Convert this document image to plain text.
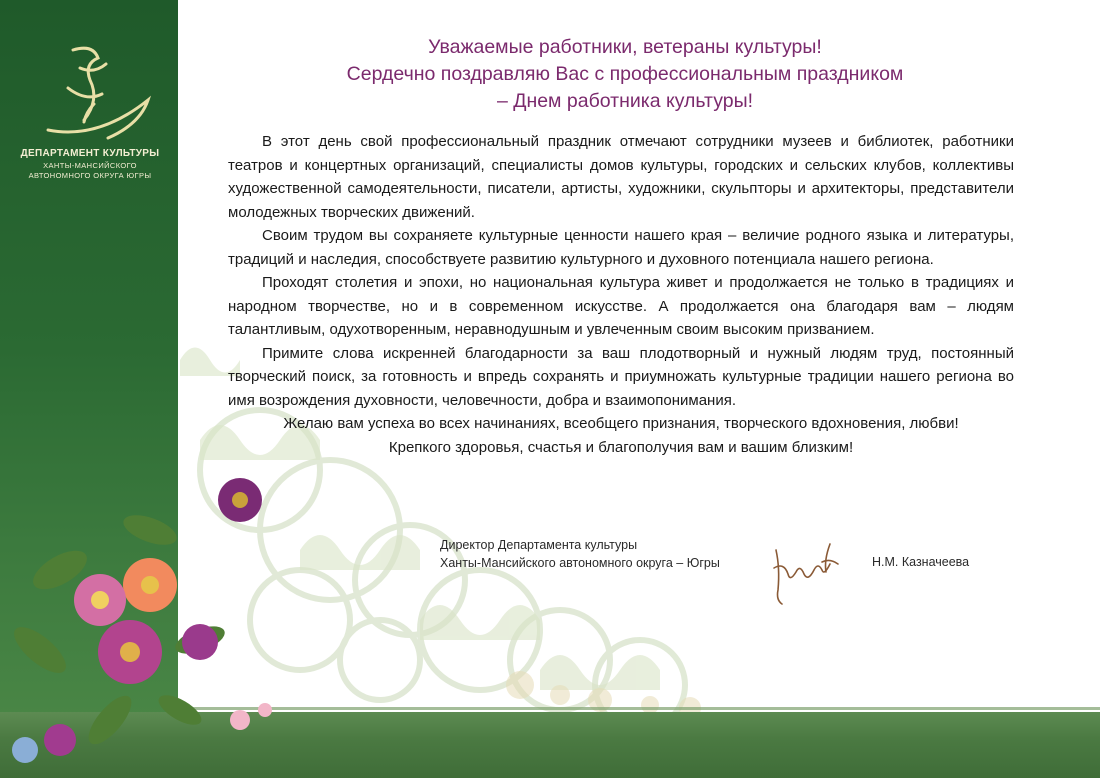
ДЕПАРТАМЕНТ КУЛЬТУРЫ
ХАНТЫ-МАНСИЙСКОГО
АВТОНОМНОГО ОКРУГА ЮГРЫ
Уважаемые работники, ветераны культуры!
Сердечно поздравляю Вас с профессиональным праздником
– Днем работника культуры!

В этот день свой профессиональный праздник отмечают сотрудники музеев и библиотек, работники театров и концертных организаций, специалисты домов культуры, городских и сельских клубов, коллективы художественной самодеятельности, писатели, артисты, художники, скульпторы и архитекторы, представители молодежных творческих движений.

Своим трудом вы сохраняете культурные ценности нашего края – величие родного языка и литературы, традиций и наследия, способствуете развитию культурного и духовного потенциала нашего региона.

Проходят столетия и эпохи, но национальная культура живет и продолжается не только в традициях и народном творчестве, но и в современном искусстве. А продолжается она благодаря вам – людям талантливым, одухотворенным, неравнодушным и увлеченным своим высоким призванием.

Примите слова искренней благодарности за ваш плодотворный и нужный людям труд, постоянный творческий поиск, за готовность и впредь сохранять и приумножать культурные традиции нашего региона во имя возрождения духовности, человечности, добра и взаимопонимания.

Желаю вам успеха во всех начинаниях, всеобщего признания, творческого вдохновения, любви!

Крепкого здоровья, счастья и благополучия вам и вашим близким!

Директор Департамента культуры
Ханты-Мансийского автономного округа – Югры	Н.М. Казначеева
